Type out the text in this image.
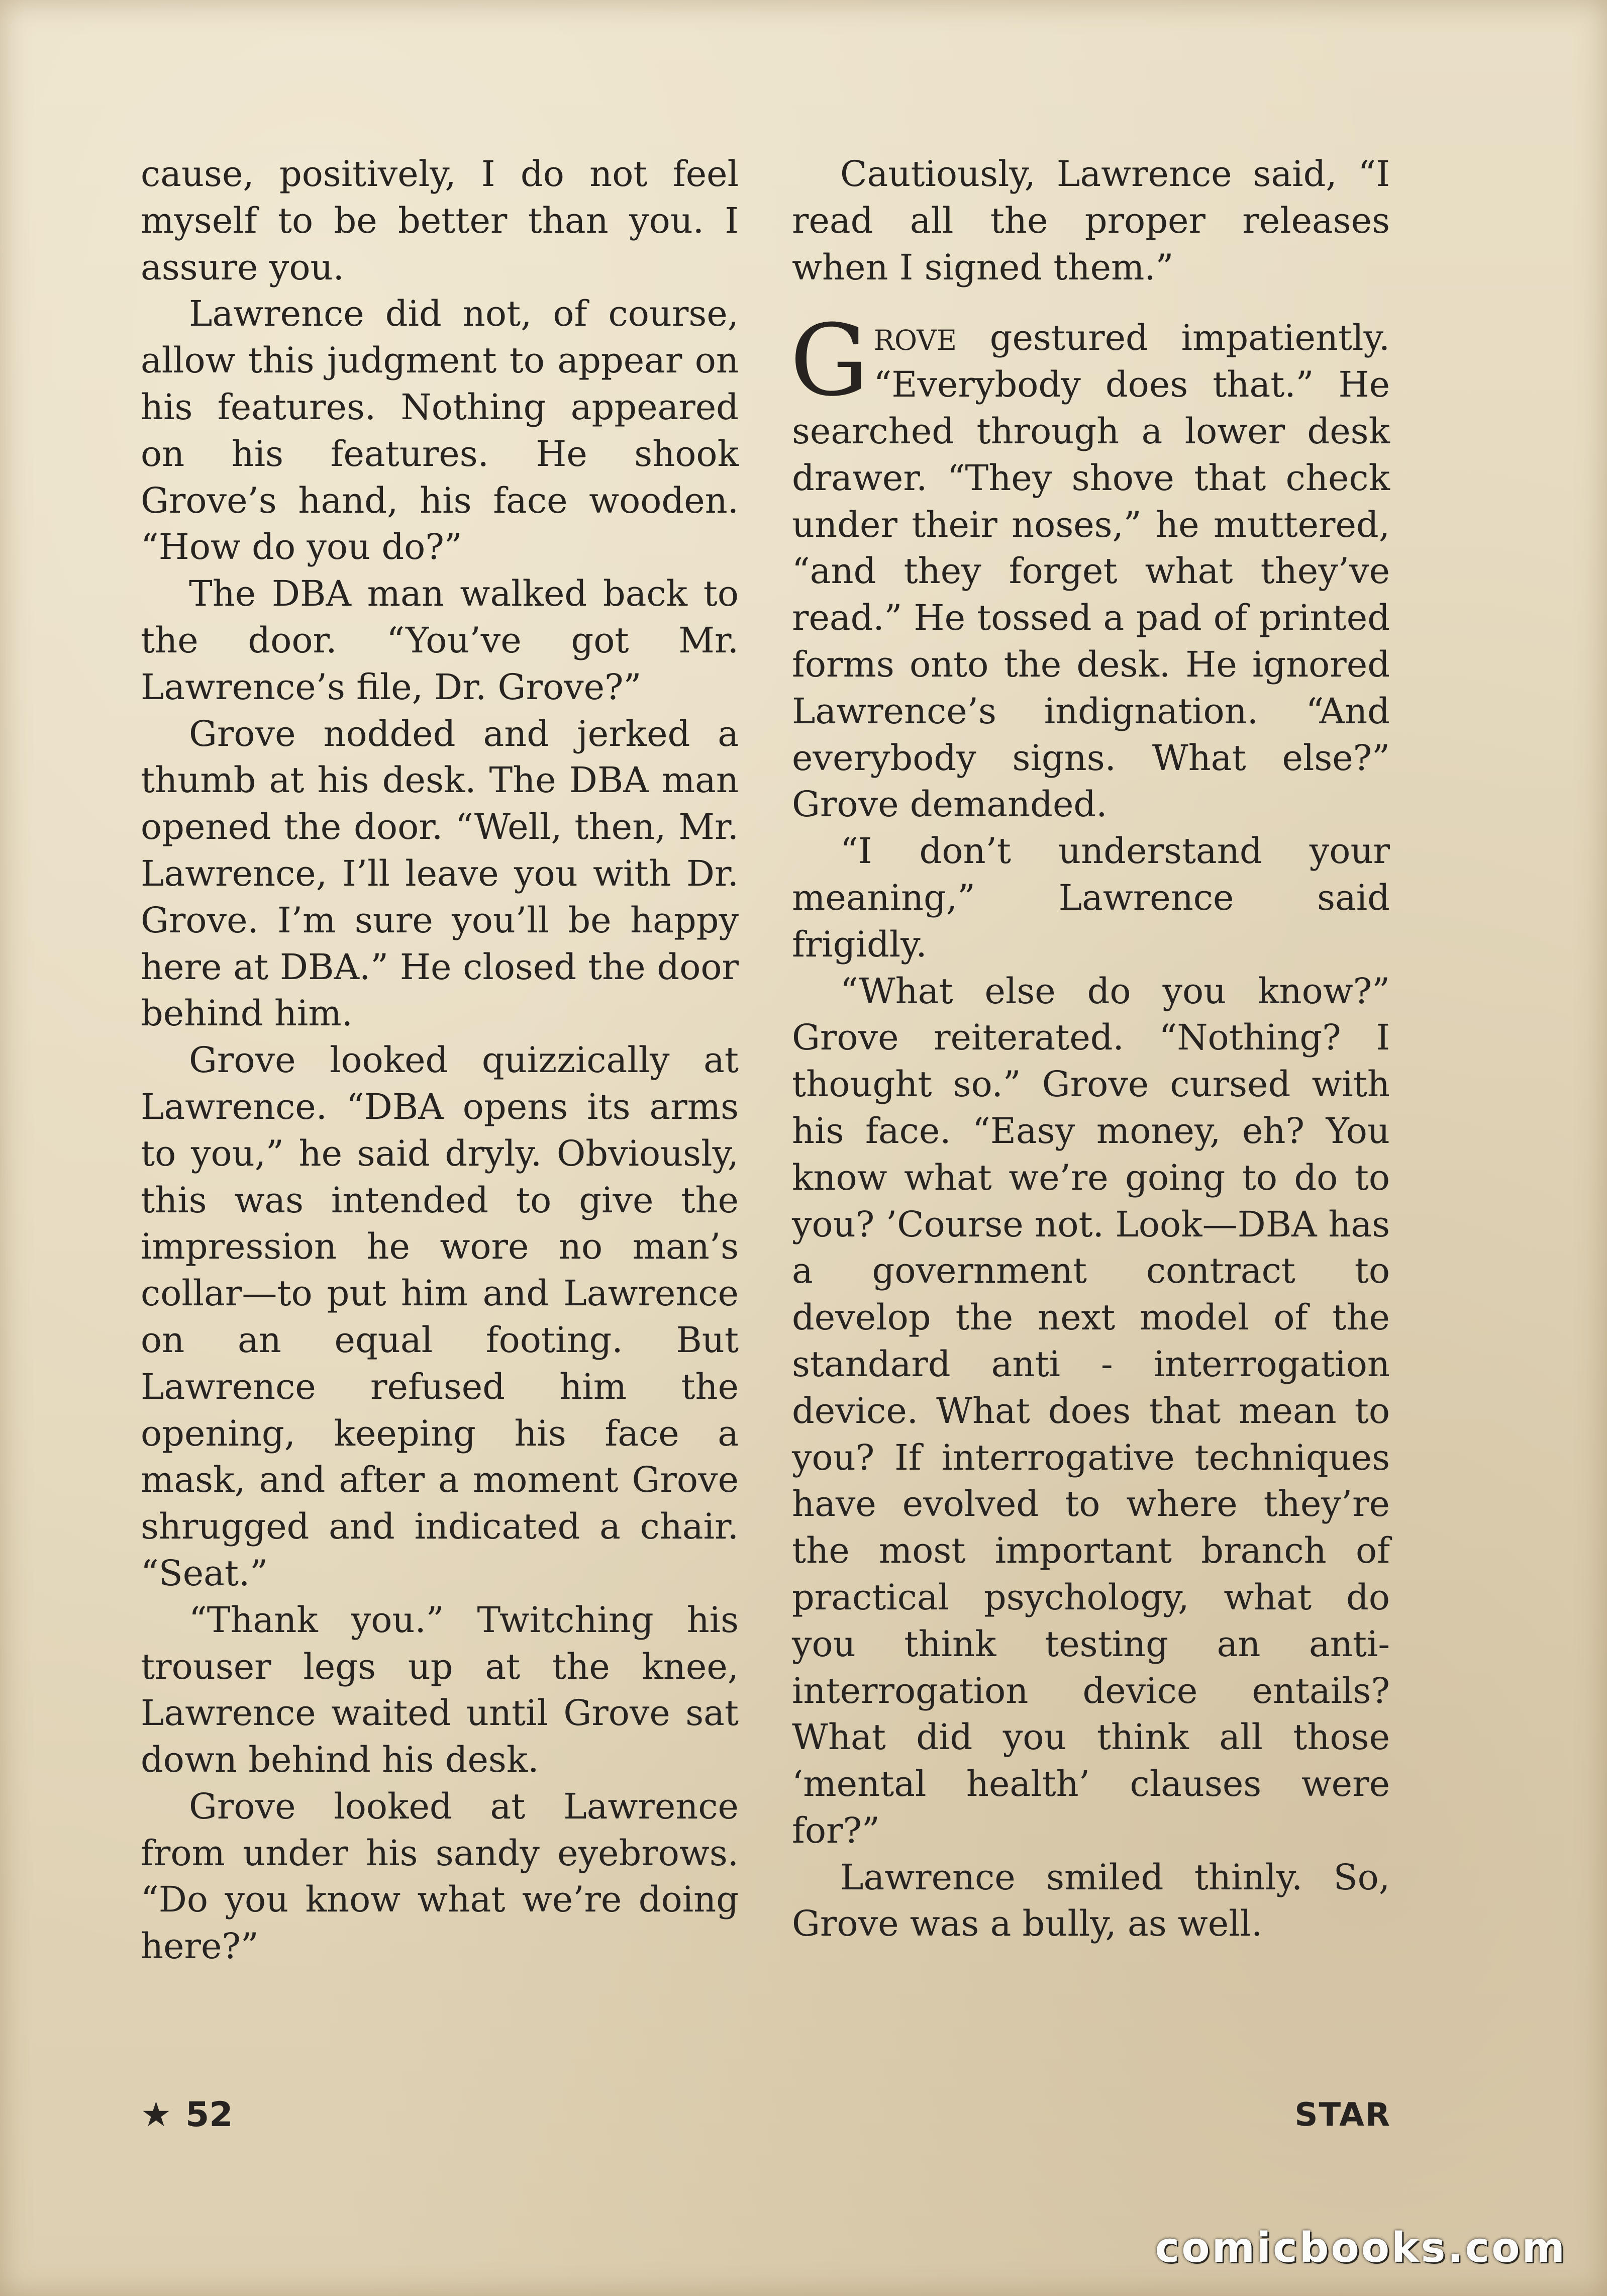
cause, positively, I do not feel myself to be better than you. I assure you.

Lawrence did not, of course, allow this judgment to appear on his features. Nothing appeared on his features. He shook Grove’s hand, his face wooden. “How do you do?”

The DBA man walked back to the door. “You’ve got Mr. Lawrence’s file, Dr. Grove?”

Grove nodded and jerked a thumb at his desk. The DBA man opened the door. “Well, then, Mr. Lawrence, I’ll leave you with Dr. Grove. I’m sure you’ll be happy here at DBA.” He closed the door behind him.

Grove looked quizzically at Lawrence. “DBA opens its arms to you,” he said dryly. Obviously, this was intended to give the impression he wore no man’s collar—to put him and Lawrence on an equal footing. But Lawrence refused him the opening, keeping his face a mask, and after a moment Grove shrugged and indicated a chair. “Seat.”

“Thank you.” Twitching his trouser legs up at the knee, Lawrence waited until Grove sat down behind his desk.

Grove looked at Lawrence from under his sandy eyebrows. “Do you know what we’re doing here?”

Cautiously, Lawrence said, “I read all the proper releases when I signed them.”

Grove gestured impatiently. “Everybody does that.” He searched through a lower desk drawer. “They shove that check under their noses,” he muttered, “and they forget what they’ve read.” He tossed a pad of printed forms onto the desk. He ignored Lawrence’s indignation. “And everybody signs. What else?” Grove demanded.

“I don’t understand your meaning,” Lawrence said frigidly.

“What else do you know?” Grove reiterated. “Nothing? I thought so.” Grove cursed with his face. “Easy money, eh? You know what we’re going to do to you? ’Course not. Look—DBA has a government contract to develop the next model of the standard anti - interrogation device. What does that mean to you? If interrogative techniques have evolved to where they’re the most important branch of practical psychology, what do you think testing an anti-interrogation device entails? What did you think all those ‘mental health’ clauses were for?”

Lawrence smiled thinly. So, Grove was a bully, as well.

★ 52	STAR
comicbooks.com
